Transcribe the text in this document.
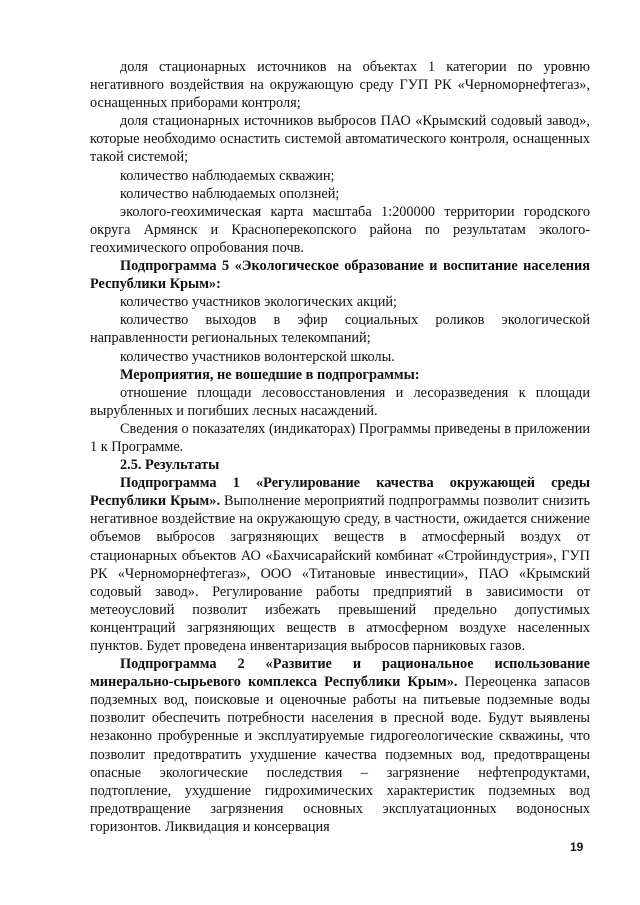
доля стационарных источников на объектах 1 категории по уровню негативного воздействия на окружающую среду ГУП РК «Черноморнефтегаз», оснащенных приборами контроля;

доля стационарных источников выбросов ПАО «Крымский содовый завод», которые необходимо оснастить системой автоматического контроля, оснащенных такой системой;

количество наблюдаемых скважин;

количество наблюдаемых оползней;

эколого-геохимическая карта масштаба 1:200000 территории городского округа Армянск и Красноперекопского района по результатам эколого-геохимического опробования почв.

Подпрограмма 5 «Экологическое образование и воспитание населения Республики Крым»:

количество участников экологических акций;

количество выходов в эфир социальных роликов экологической направленности региональных телекомпаний;

количество участников волонтерской школы.

Мероприятия, не вошедшие в подпрограммы:

отношение площади лесовосстановления и лесоразведения к площади вырубленных и погибших лесных насаждений.

Сведения о показателях (индикаторах) Программы приведены в приложении 1 к Программе.

2.5. Результаты

Подпрограмма 1 «Регулирование качества окружающей среды Республики Крым». Выполнение мероприятий подпрограммы позволит снизить негативное воздействие на окружающую среду, в частности, ожидается снижение объемов выбросов загрязняющих веществ в атмосферный воздух от стационарных объектов АО «Бахчисарайский комбинат «Стройиндустрия», ГУП РК «Черноморнефтегаз», ООО «Титановые инвестиции», ПАО «Крымский содовый завод». Регулирование работы предприятий в зависимости от метеоусловий позволит избежать превышений предельно допустимых концентраций загрязняющих веществ в атмосферном воздухе населенных пунктов. Будет проведена инвентаризация выбросов парниковых газов.

Подпрограмма 2 «Развитие и рациональное использование минерально-сырьевого комплекса Республики Крым». Переоценка запасов подземных вод, поисковые и оценочные работы на питьевые подземные воды позволит обеспечить потребности населения в пресной воде. Будут выявлены незаконно пробуренные и эксплуатируемые гидрогеологические скважины, что позволит предотвратить ухудшение качества подземных вод, предотвращены опасные экологические последствия – загрязнение нефтепродуктами, подтопление, ухудшение гидрохимических характеристик подземных вод предотвращение загрязнения основных эксплуатационных водоносных горизонтов. Ликвидация и консервация

19
